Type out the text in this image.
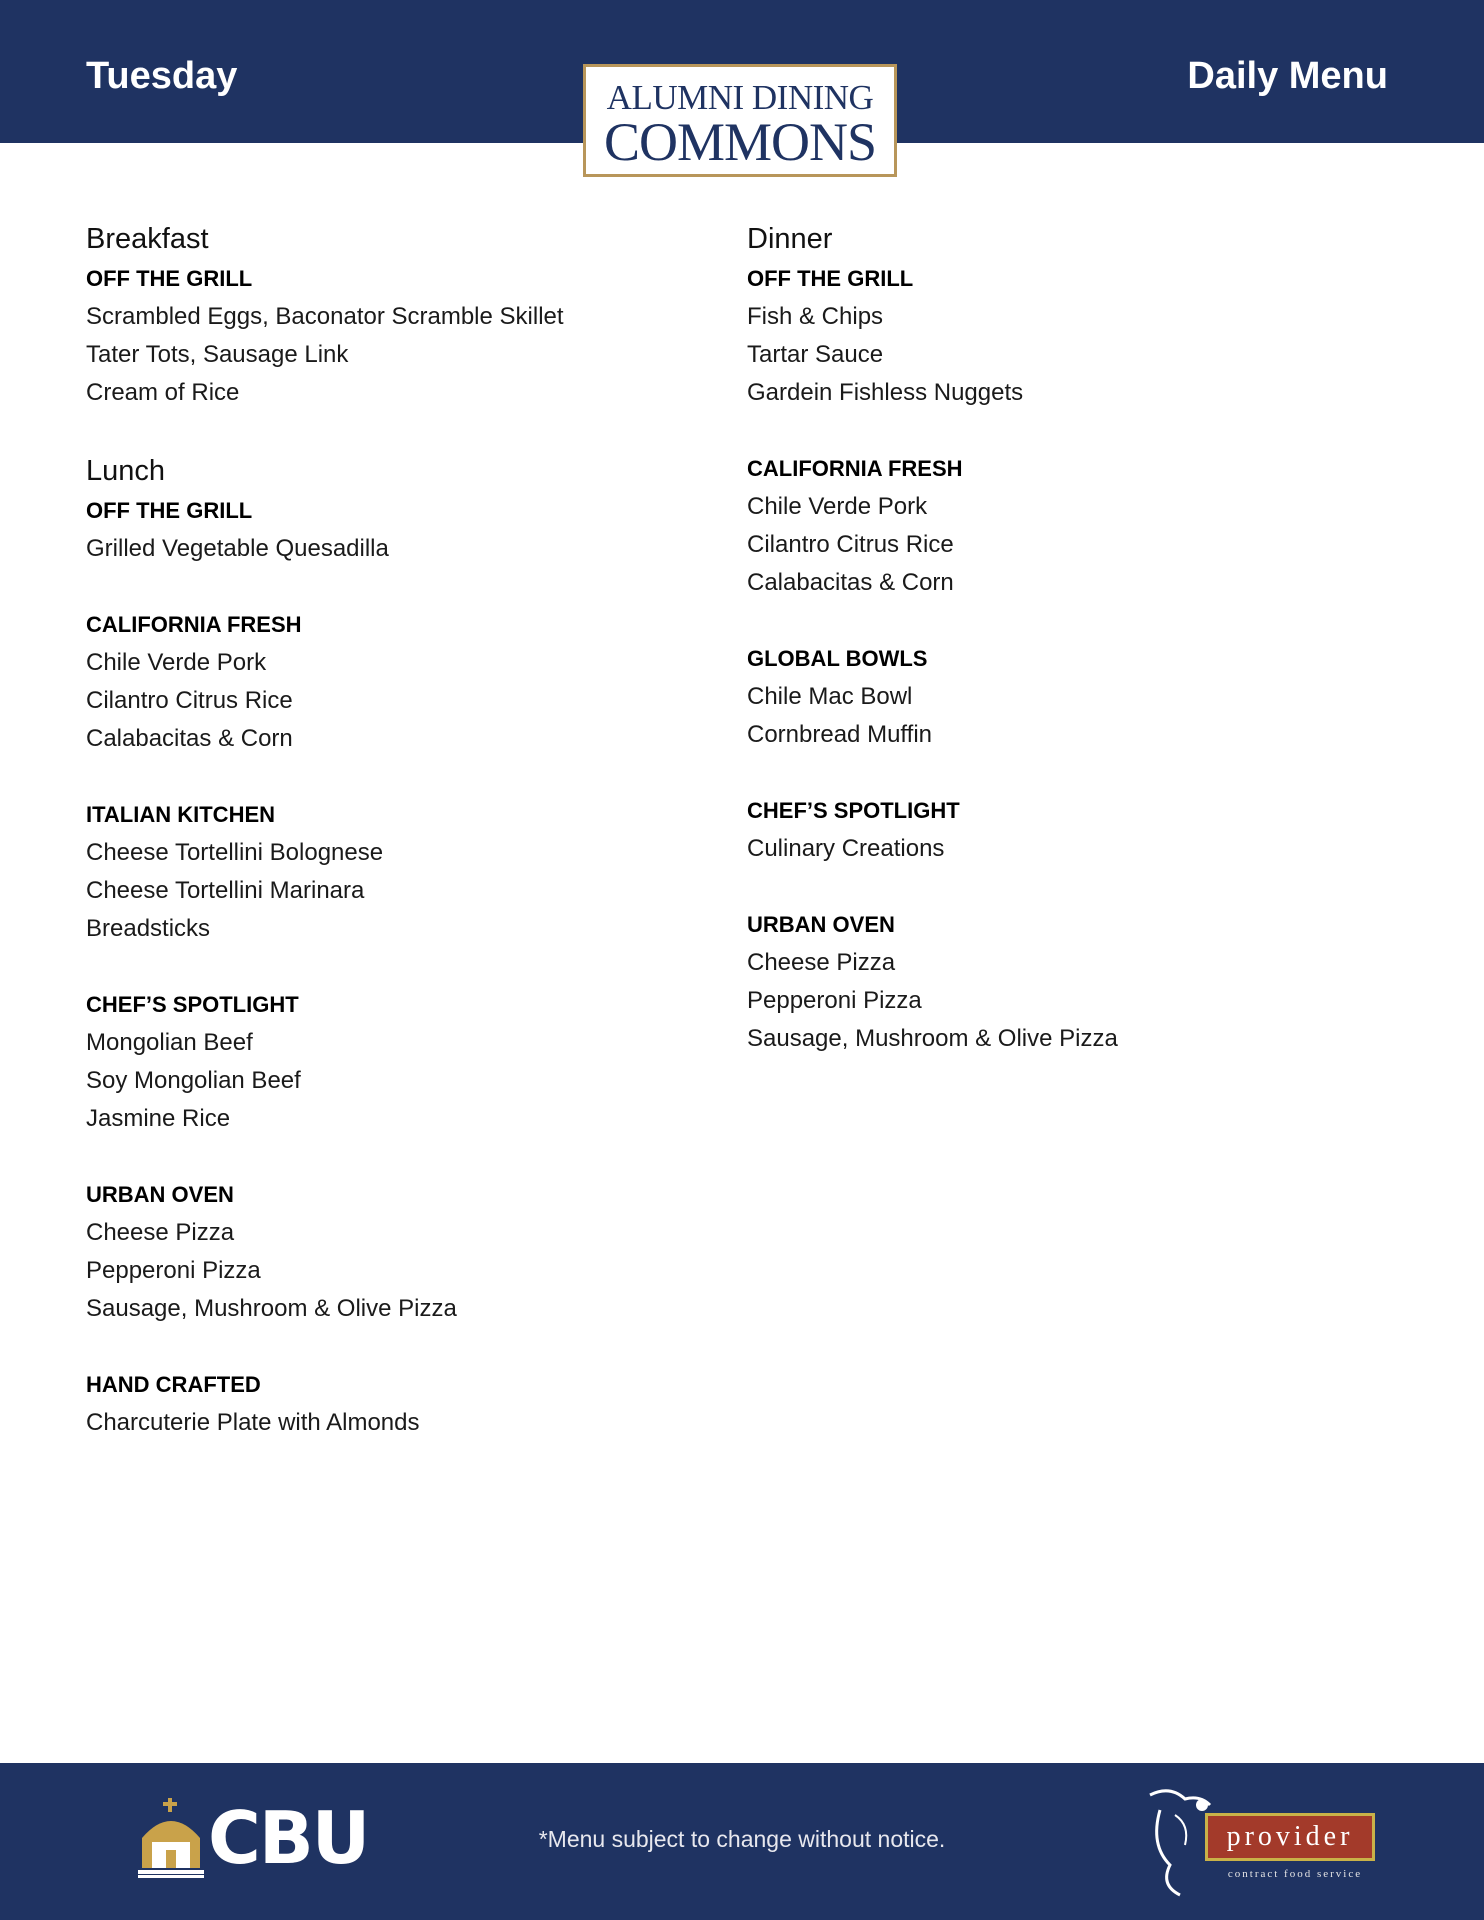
Tuesday	Daily Menu
ALUMNI DINING
COMMONS
Breakfast
OFF THE GRILL
Scrambled Eggs, Baconator Scramble Skillet
Tater Tots, Sausage Link
Cream of Rice
Lunch
OFF THE GRILL
Grilled Vegetable Quesadilla
CALIFORNIA FRESH
Chile Verde Pork
Cilantro Citrus Rice
Calabacitas & Corn
ITALIAN KITCHEN
Cheese Tortellini Bolognese
Cheese Tortellini Marinara
Breadsticks
CHEF’S SPOTLIGHT
Mongolian Beef
Soy Mongolian Beef
Jasmine Rice
URBAN OVEN
Cheese Pizza
Pepperoni Pizza
Sausage, Mushroom & Olive Pizza
HAND CRAFTED
Charcuterie Plate with Almonds
Dinner
OFF THE GRILL
Fish & Chips
Tartar Sauce
Gardein Fishless Nuggets
CALIFORNIA FRESH
Chile Verde Pork
Cilantro Citrus Rice
Calabacitas & Corn
GLOBAL BOWLS
Chile Mac Bowl
Cornbread Muffin
CHEF’S SPOTLIGHT
Culinary Creations
URBAN OVEN
Cheese Pizza
Pepperoni Pizza
Sausage, Mushroom & Olive Pizza
CBU	*Menu subject to change without notice.	provider
contract food service
